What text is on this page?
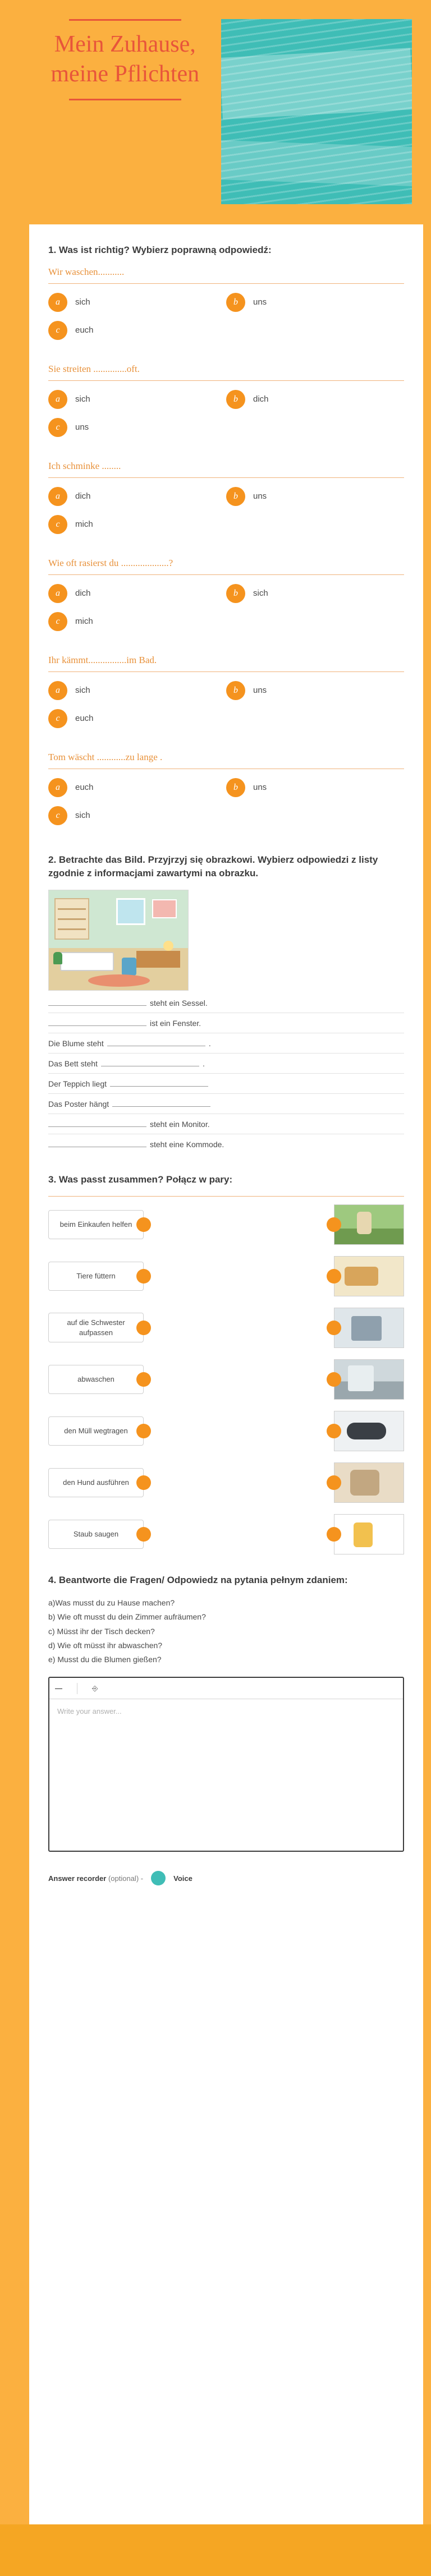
Mein Zuhause, meine Pflichten
1. Was ist richtig? Wybierz poprawną odpowiedź:
Wir waschen...........
a	sich	b	uns
c	euch
Sie streiten ..............oft.
a	sich	b	dich
c	uns
Ich schminke ........
a	dich	b	uns
c	mich
Wie oft rasierst du ....................?
a	dich	b	sich
c	mich
Ihr kämmt................im Bad.
a	sich	b	uns
c	euch
Tom wäscht ............zu lange .
a	euch	b	uns
c	sich
2. Betrachte das Bild. Przyjrzyj się obrazkowi. Wybierz odpowiedzi z listy zgodnie z informacjami zawartymi na obrazku.
steht ein Sessel.
ist ein Fenster.
Die Blume steht	.
Das Bett steht	.
Der Teppich liegt
Das Poster hängt
steht ein Monitor.
steht eine Kommode.
3. Was passt zusammen? Połącz w pary:
beim Einkaufen helfen
Tiere füttern
auf die Schwester aufpassen
abwaschen
den Müll wegtragen
den Hund ausführen
Staub saugen
4. Beantworte die Fragen/ Odpowiedz na pytania pełnym zdaniem:
a)Was musst du zu Hause machen?
b) Wie oft musst du dein Zimmer aufräumen?
c) Müsst ihr der Tisch decken?
d) Wie oft müsst ihr abwaschen?
e) Musst du die Blumen gießen?
—	⎆
Write your answer...
Answer recorder (optional) -	Voice
